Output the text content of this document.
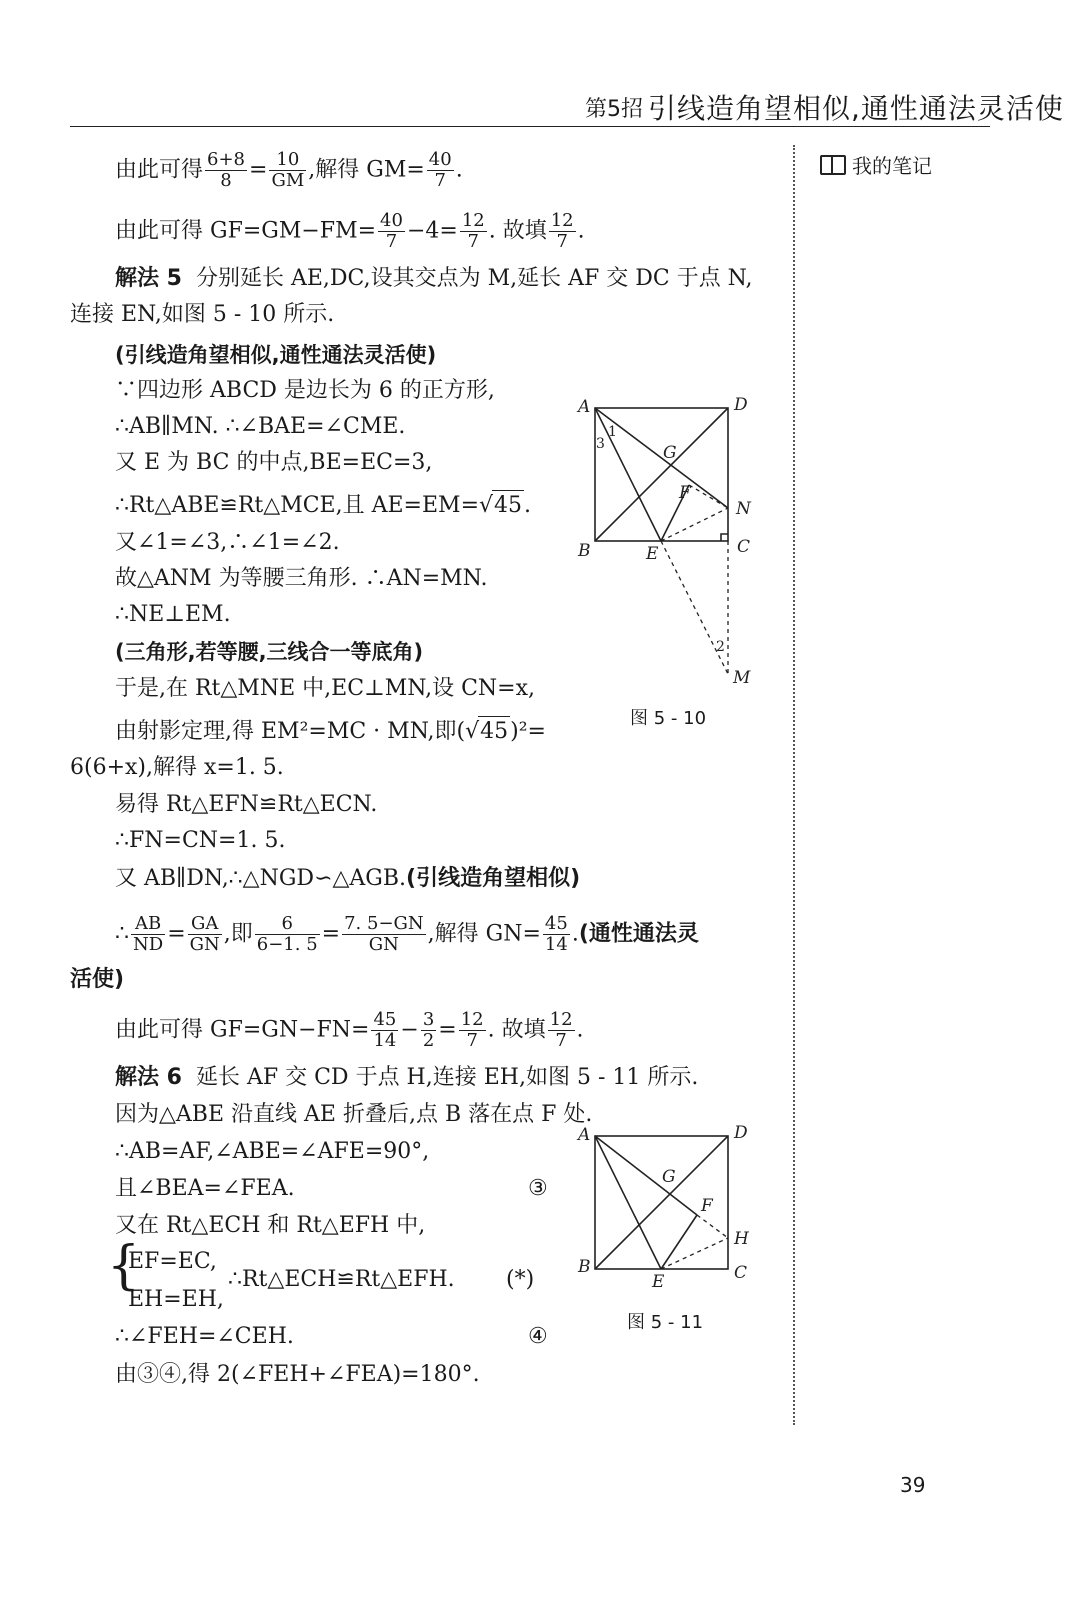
第5招 引线造角望相似,通性通法灵活使
我的笔记
由此可得 $\frac{6+8}{8} = \frac{10}{GM}$ ,解得 $GM= \frac{40}{7}$ .
由此可得 $GF=GM-FM= \frac{40}{7} -4= \frac{12}{7}$ . 故填 $\frac{12}{7}$ .
解法 5 分别延长 AE,DC,设其交点为 M,延长 AF 交 DC 于点 N,
连接 EN,如图 5 - 10 所示.
(引线造角望相似,通性通法灵活使)
∵四边形 ABCD 是边长为 6 的正方形,
∴AB∥MN. ∴∠BAE=∠CME.
又 E 为 BC 的中点,BE=EC=3,
∴Rt△ABE≌Rt△MCE,且 AE=EM=√45.
又∠1=∠3,∴∠1=∠2.
故△ANM 为等腰三角形. ∴AN=MN.
∴NE⊥EM.
(三角形,若等腰,三线合一等底角)
于是,在 Rt△MNE 中,EC⊥MN,设 CN=x,
由射影定理,得 EM²=MC · MN,即(√45)²=
6(6+x),解得 x=1. 5.
易得 Rt△EFN≌Rt△ECN.
∴FN=CN=1. 5.
又 AB∥DN,∴△NGD∽△AGB.(引线造角望相似)
∴ $\frac{AB}{ND} = \frac{GA}{GN}$ ,即 $\frac{6}{6-1. 5} = \frac{7. 5-GN}{GN}$ ,解得 $GN= \frac{45}{14}$ .(通性通法灵
活使)
由此可得 $GF=GN-FN= \frac{45}{14} - \frac{3}{2} = \frac{12}{7}$ . 故填 $\frac{12}{7}$ .
解法 6 延长 AF 交 CD 于点 H,连接 EH,如图 5 - 11 所示.
因为△ABE 沿直线 AE 折叠后,点 B 落在点 F 处.
∴AB=AF,∠ABE=∠AFE=90°,
且∠BEA=∠FEA.	③
又在 Rt△ECH 和 Rt△EFH 中,
{
EF=EC,
EH=EH,
∴Rt△ECH≌Rt△EFH. (*)
∴∠FEH=∠CEH.	④
由③④,得 2(∠FEH+∠FEA)=180°.
A	D
B	E	C
N
F
G
M
1
3
2
图 5 - 10
A	D
B
E	C
H
F
G
图 5 - 11
39
